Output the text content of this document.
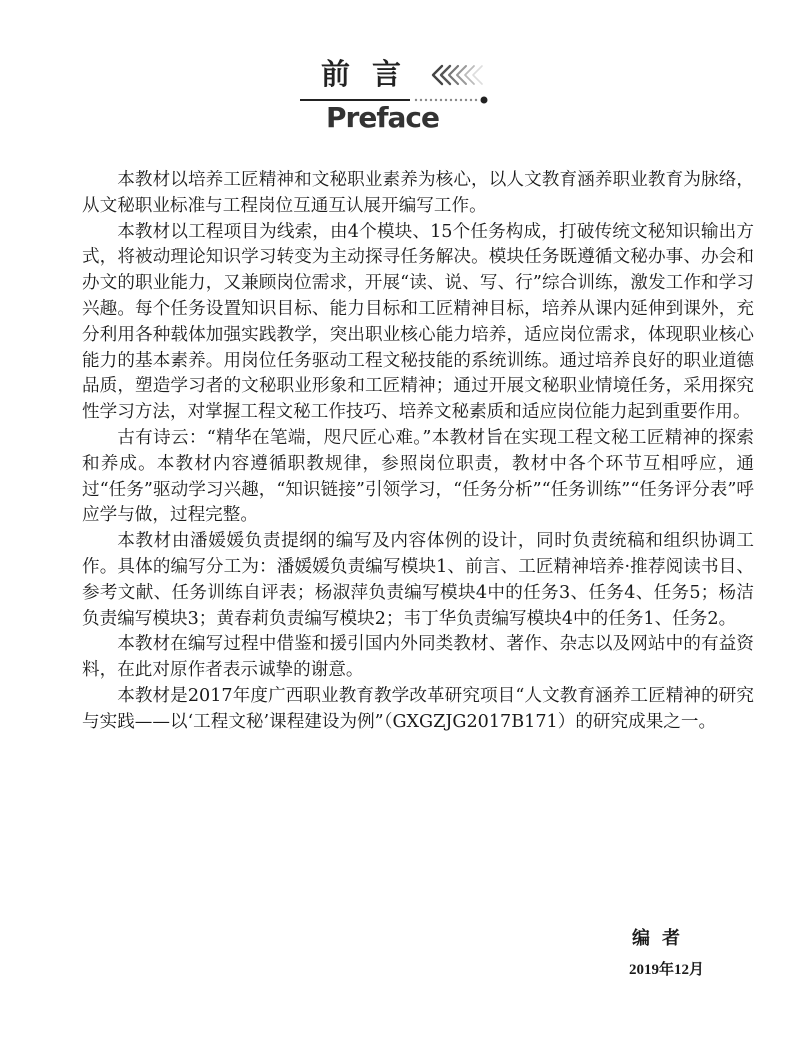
前言
Preface

本教材以培养工匠精神和文秘职业素养为核心，以人文教育涵养职业教育为脉络，从文秘职业标准与工程岗位互通互认展开编写工作。

本教材以工程项目为线索，由4个模块、15个任务构成，打破传统文秘知识输出方式，将被动理论知识学习转变为主动探寻任务解决。模块任务既遵循文秘办事、办会和办文的职业能力，又兼顾岗位需求，开展“读、说、写、行”综合训练，激发工作和学习兴趣。每个任务设置知识目标、能力目标和工匠精神目标，培养从课内延伸到课外，充分利用各种载体加强实践教学，突出职业核心能力培养，适应岗位需求，体现职业核心能力的基本素养。用岗位任务驱动工程文秘技能的系统训练。通过培养良好的职业道德品质，塑造学习者的文秘职业形象和工匠精神；通过开展文秘职业情境任务，采用探究性学习方法，对掌握工程文秘工作技巧、培养文秘素质和适应岗位能力起到重要作用。

古有诗云：“精华在笔端，咫尺匠心难。”本教材旨在实现工程文秘工匠精神的探索和养成。本教材内容遵循职教规律，参照岗位职责，教材中各个环节互相呼应，通过“任务”驱动学习兴趣，“知识链接”引领学习，“任务分析”“任务训练”“任务评分表”呼应学与做，过程完整。

本教材由潘媛媛负责提纲的编写及内容体例的设计，同时负责统稿和组织协调工作。具体的编写分工为：潘媛媛负责编写模块1、前言、工匠精神培养·推荐阅读书目、参考文献、任务训练自评表；杨淑萍负责编写模块4中的任务3、任务4、任务5；杨洁负责编写模块3；黄春莉负责编写模块2；韦丁华负责编写模块4中的任务1、任务2。

本教材在编写过程中借鉴和援引国内外同类教材、著作、杂志以及网站中的有益资料，在此对原作者表示诚挚的谢意。

本教材是2017年度广西职业教育教学改革研究项目“人文教育涵养工匠精神的研究与实践——以‘工程文秘’课程建设为例”（GXGZJG2017B171）的研究成果之一。

编者
2019年12月
